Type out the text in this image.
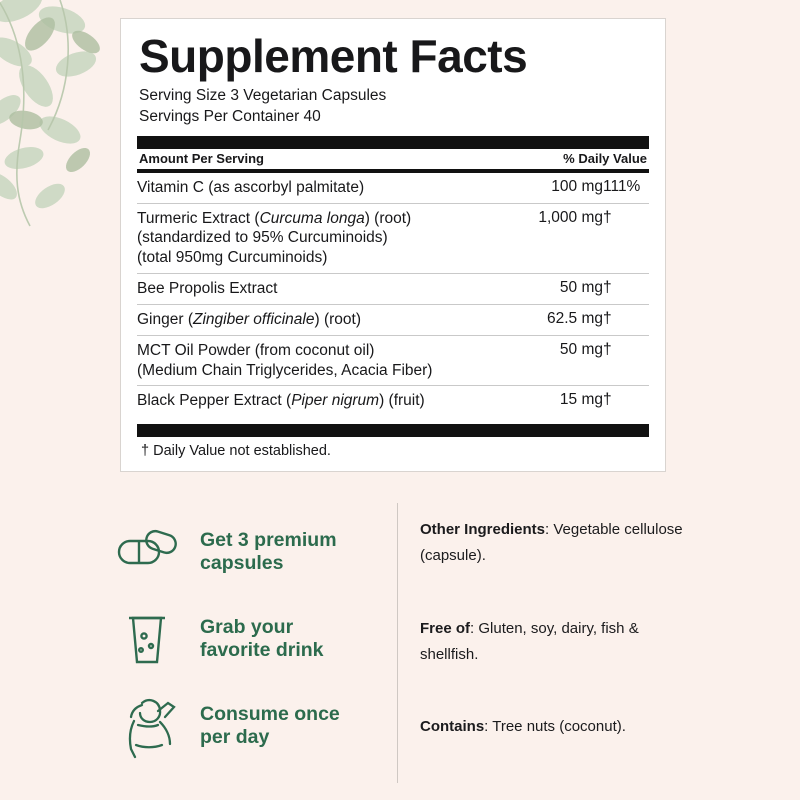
Supplement Facts
Serving Size 3 Vegetarian Capsules
Servings Per Container 40
Amount Per Serving	% Daily Value
Vitamin C (as ascorbyl palmitate)	100 mg	111%
Turmeric Extract (Curcuma longa) (root)
(standardized to 95% Curcuminoids)
(total 950mg Curcuminoids)	1,000 mg	†
Bee Propolis Extract	50 mg	†
Ginger (Zingiber officinale) (root)	62.5 mg	†
MCT Oil Powder (from coconut oil)
(Medium Chain Triglycerides, Acacia Fiber)	50 mg	†
Black Pepper Extract (Piper nigrum) (fruit)	15 mg	†
† Daily Value not established.
Get 3 premium capsules
Grab your favorite drink
Consume once per day
Other Ingredients: Vegetable cellulose (capsule).
Free of: Gluten, soy, dairy, fish & shellfish.
Contains: Tree nuts (coconut).
